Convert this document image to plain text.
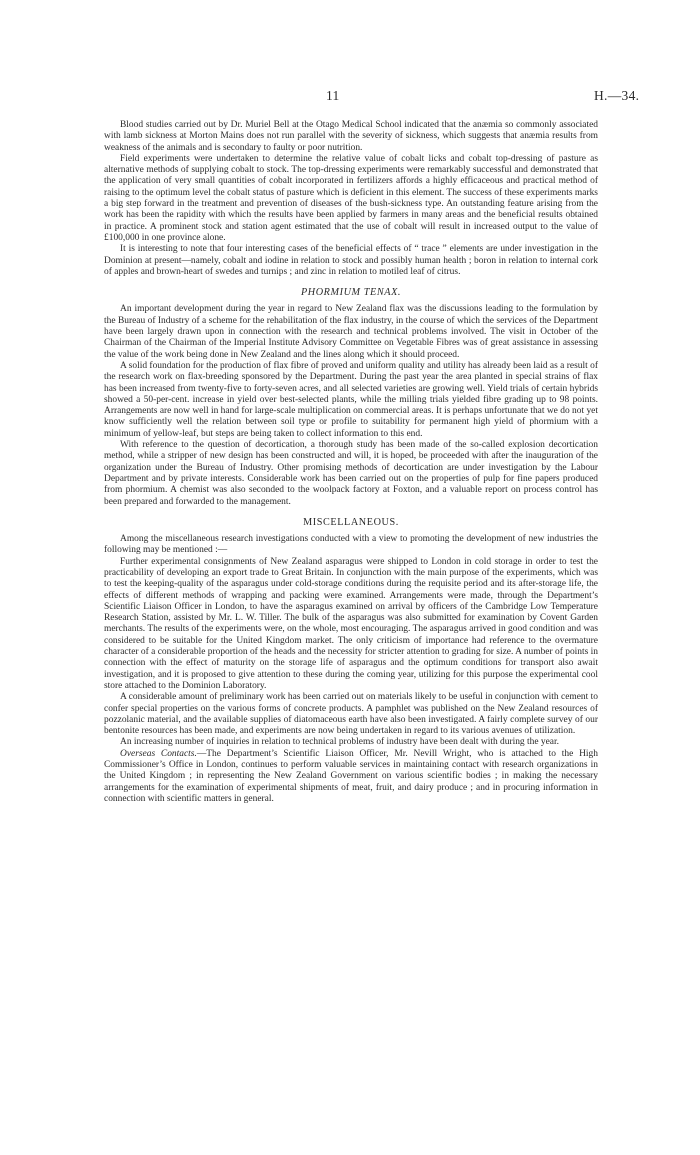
11	H.—34.

Blood studies carried out by Dr. Muriel Bell at the Otago Medical School indicated that the anæmia so commonly associated with lamb sickness at Morton Mains does not run parallel with the severity of sickness, which suggests that anæmia results from weakness of the animals and is secondary to faulty or poor nutrition.

Field experiments were undertaken to determine the relative value of cobalt licks and cobalt top-dressing of pasture as alternative methods of supplying cobalt to stock. The top-dressing experiments were remarkably successful and demonstrated that the application of very small quantities of cobalt incorporated in fertilizers affords a highly efficaceous and practical method of raising to the optimum level the cobalt status of pasture which is deficient in this element. The success of these experiments marks a big step forward in the treatment and prevention of diseases of the bush-sickness type. An outstanding feature arising from the work has been the rapidity with which the results have been applied by farmers in many areas and the beneficial results obtained in practice. A prominent stock and station agent estimated that the use of cobalt will result in increased output to the value of £100,000 in one province alone.

It is interesting to note that four interesting cases of the beneficial effects of “ trace ” elements are under investigation in the Dominion at present—namely, cobalt and iodine in relation to stock and possibly human health ; boron in relation to internal cork of apples and brown-heart of swedes and turnips ; and zinc in relation to motiled leaf of citrus.

PHORMIUM TENAX.

An important development during the year in regard to New Zealand flax was the discussions leading to the formulation by the Bureau of Industry of a scheme for the rehabilitation of the flax industry, in the course of which the services of the Department have been largely drawn upon in connection with the research and technical problems involved. The visit in October of the Chairman of the Chairman of the Imperial Institute Advisory Committee on Vegetable Fibres was of great assistance in assessing the value of the work being done in New Zealand and the lines along which it should proceed.

A solid foundation for the production of flax fibre of proved and uniform quality and utility has already been laid as a result of the research work on flax-breeding sponsored by the Department. During the past year the area planted in special strains of flax has been increased from twenty-five to forty-seven acres, and all selected varieties are growing well. Yield trials of certain hybrids showed a 50-per-cent. increase in yield over best-selected plants, while the milling trials yielded fibre grading up to 98 points. Arrangements are now well in hand for large-scale multiplication on commercial areas. It is perhaps unfortunate that we do not yet know sufficiently well the relation between soil type or profile to suitability for permanent high yield of phormium with a minimum of yellow-leaf, but steps are being taken to collect information to this end.

With reference to the question of decortication, a thorough study has been made of the so-called explosion decortication method, while a stripper of new design has been constructed and will, it is hoped, be proceeded with after the inauguration of the organization under the Bureau of Industry. Other promising methods of decortication are under investigation by the Labour Department and by private interests. Considerable work has been carried out on the properties of pulp for fine papers produced from phormium. A chemist was also seconded to the woolpack factory at Foxton, and a valuable report on process control has been prepared and forwarded to the management.

MISCELLANEOUS.

Among the miscellaneous research investigations conducted with a view to promoting the development of new industries the following may be mentioned :—

Further experimental consignments of New Zealand asparagus were shipped to London in cold storage in order to test the practicability of developing an export trade to Great Britain. In conjunction with the main purpose of the experiments, which was to test the keeping-quality of the asparagus under cold-storage conditions during the requisite period and its after-storage life, the effects of different methods of wrapping and packing were examined. Arrangements were made, through the Department’s Scientific Liaison Officer in London, to have the asparagus examined on arrival by officers of the Cambridge Low Temperature Research Station, assisted by Mr. L. W. Tiller. The bulk of the asparagus was also submitted for examination by Covent Garden merchants. The results of the experiments were, on the whole, most encouraging. The asparagus arrived in good condition and was considered to be suitable for the United Kingdom market. The only criticism of importance had reference to the overmature character of a considerable proportion of the heads and the necessity for stricter attention to grading for size. A number of points in connection with the effect of maturity on the storage life of asparagus and the optimum conditions for transport also await investigation, and it is proposed to give attention to these during the coming year, utilizing for this purpose the experimental cool store attached to the Dominion Laboratory.

A considerable amount of preliminary work has been carried out on materials likely to be useful in conjunction with cement to confer special properties on the various forms of concrete products. A pamphlet was published on the New Zealand resources of pozzolanic material, and the available supplies of diatomaceous earth have also been investigated. A fairly complete survey of our bentonite resources has been made, and experiments are now being undertaken in regard to its various avenues of utilization.

An increasing number of inquiries in relation to technical problems of industry have been dealt with during the year.

Overseas Contacts.—The Department’s Scientific Liaison Officer, Mr. Nevill Wright, who is attached to the High Commissioner’s Office in London, continues to perform valuable services in maintaining contact with research organizations in the United Kingdom ; in representing the New Zealand Government on various scientific bodies ; in making the necessary arrangements for the examination of experimental shipments of meat, fruit, and dairy produce ; and in procuring information in connection with scientific matters in general.
